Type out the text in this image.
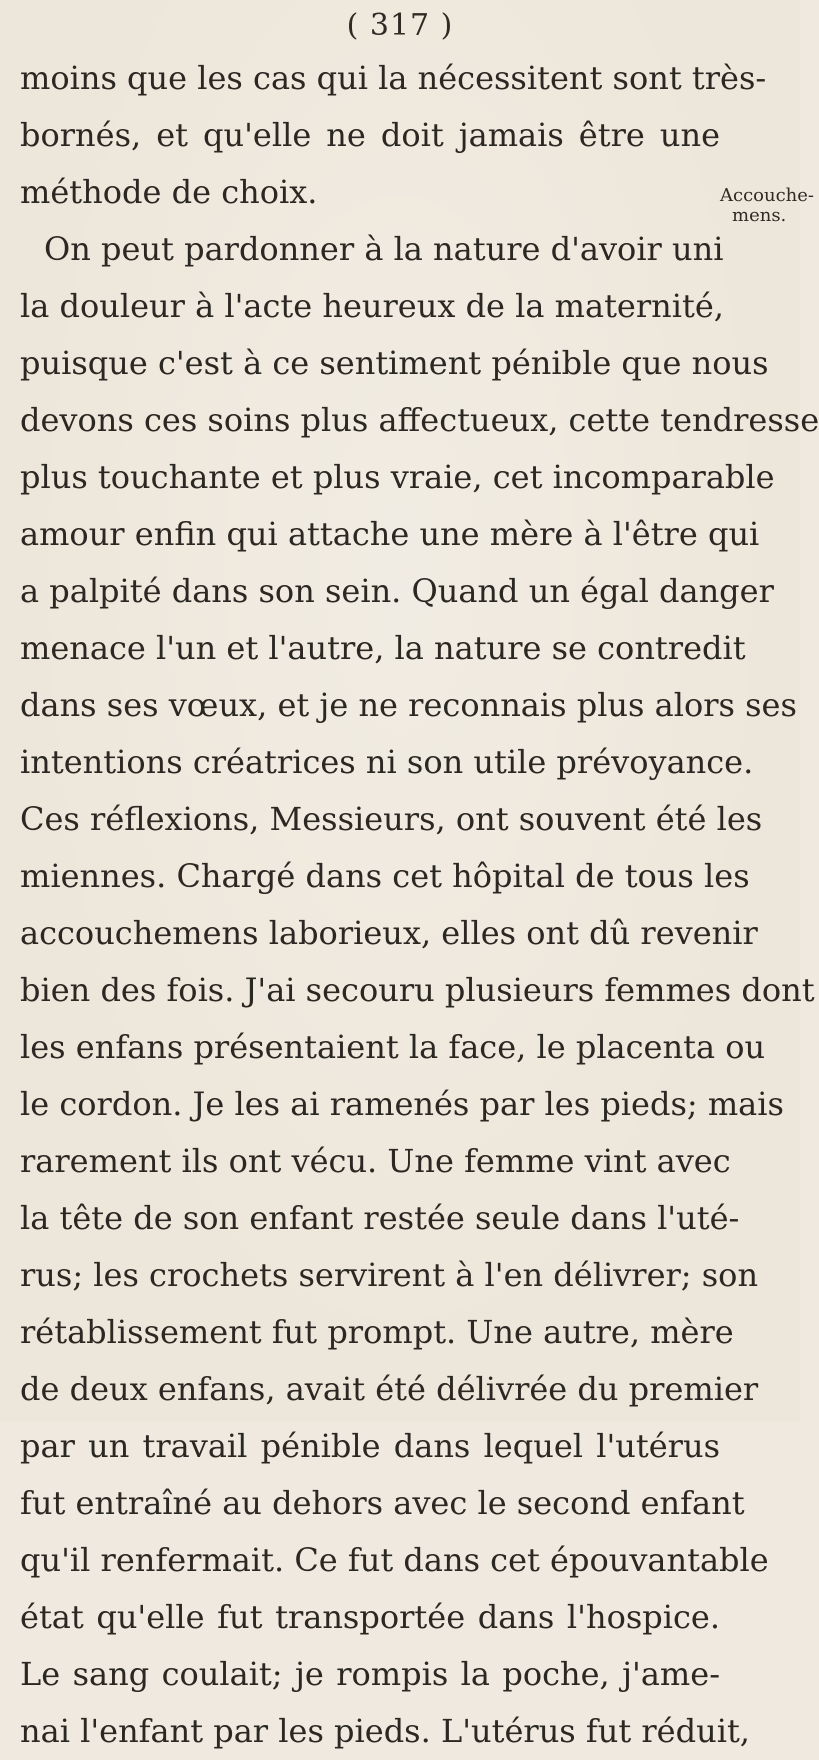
( 317 )
moins que les cas qui la nécessitent sont très-
bornés, et qu'elle ne doit jamais être une
méthode de choix.
On peut pardonner à la nature d'avoir uni
la douleur à l'acte heureux de la maternité,
puisque c'est à ce sentiment pénible que nous
devons ces soins plus affectueux, cette tendresse
plus touchante et plus vraie, cet incomparable
amour enfin qui attache une mère à l'être qui
a palpité dans son sein. Quand un égal danger
menace l'un et l'autre, la nature se contredit
dans ses vœux, et je ne reconnais plus alors ses
intentions créatrices ni son utile prévoyance.
Ces réflexions, Messieurs, ont souvent été les
miennes. Chargé dans cet hôpital de tous les
accouchemens laborieux, elles ont dû revenir
bien des fois. J'ai secouru plusieurs femmes dont
les enfans présentaient la face, le placenta ou
le cordon. Je les ai ramenés par les pieds; mais
rarement ils ont vécu. Une femme vint avec
la tête de son enfant restée seule dans l'uté-
rus; les crochets servirent à l'en délivrer; son
rétablissement fut prompt. Une autre, mère
de deux enfans, avait été délivrée du premier
par un travail pénible dans lequel l'utérus
fut entraîné au dehors avec le second enfant
qu'il renfermait. Ce fut dans cet épouvantable
état qu'elle fut transportée dans l'hospice.
Le sang coulait; je rompis la poche, j'ame-
nai l'enfant par les pieds. L'utérus fut réduit,
Accouche-
mens.
